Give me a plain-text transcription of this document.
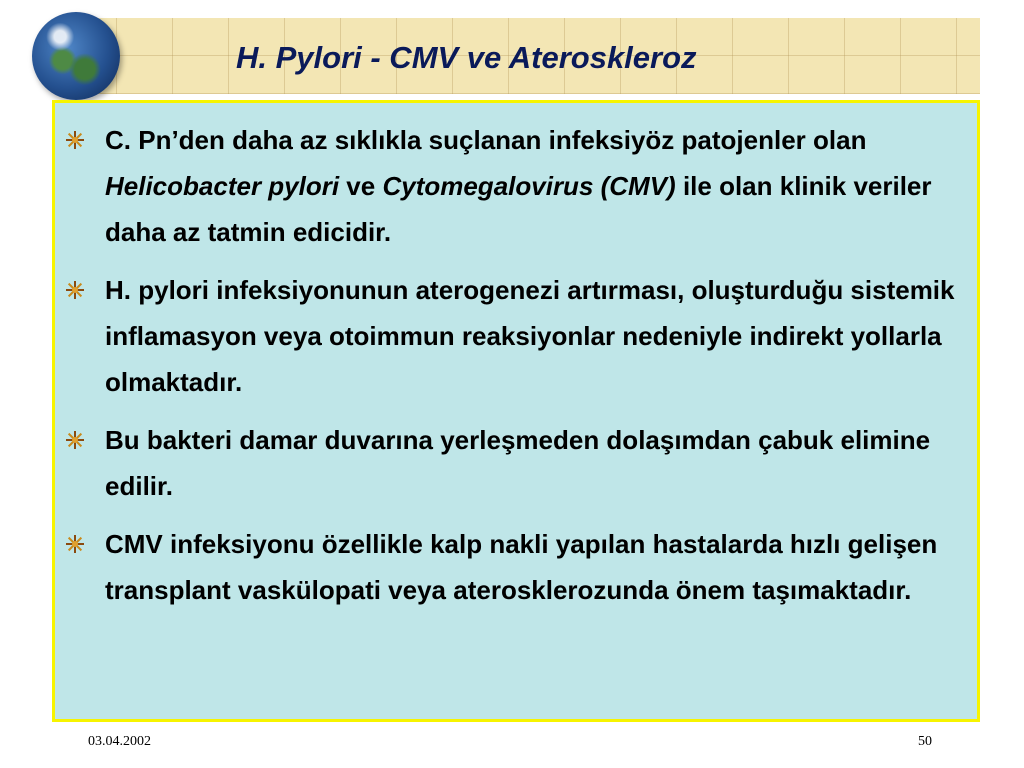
H. Pylori - CMV ve Ateroskleroz
C. Pn’den daha az sıklıkla suçlanan infeksiyöz patojenler olan Helicobacter pylori ve Cytomegalovirus (CMV) ile olan klinik veriler daha az tatmin edicidir.
H. pylori infeksiyonunun aterogenezi artırması, oluşturduğu sistemik inflamasyon veya otoimmun reaksiyonlar nedeniyle indirekt yollarla olmaktadır.
Bu bakteri damar duvarına yerleşmeden dolaşımdan çabuk elimine edilir.
CMV infeksiyonu özellikle kalp nakli yapılan hastalarda hızlı gelişen transplant vaskülopati veya aterosklerozunda önem taşımaktadır.
03.04.2002	50
